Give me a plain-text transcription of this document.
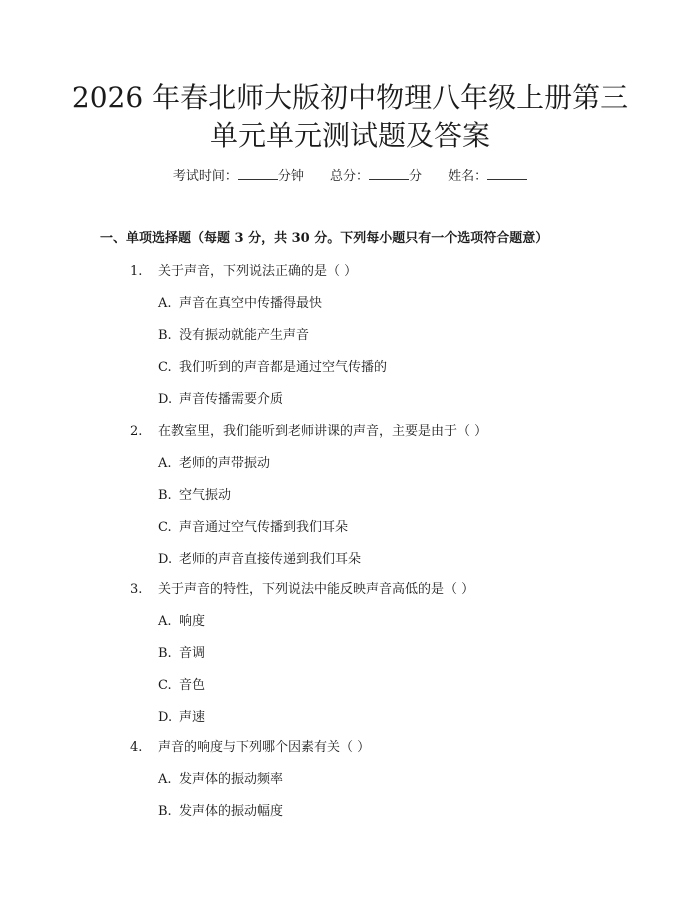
2026 年春北师大版初中物理八年级上册第三
单元单元测试题及答案
考试时间：	分钟 总分：	分 姓名：
一、单项选择题（每题 3 分，共 30 分。下列每小题只有一个选项符合题意）
1.	关于声音，下列说法正确的是（ ）
A. 声音在真空中传播得最快
B. 没有振动就能产生声音
C. 我们听到的声音都是通过空气传播的
D. 声音传播需要介质
2.	在教室里，我们能听到老师讲课的声音，主要是由于（ ）
A. 老师的声带振动
B. 空气振动
C. 声音通过空气传播到我们耳朵
D. 老师的声音直接传递到我们耳朵
3.	关于声音的特性，下列说法中能反映声音高低的是（ ）
A. 响度
B. 音调
C. 音色
D. 声速
4.	声音的响度与下列哪个因素有关（ ）
A. 发声体的振动频率
B. 发声体的振动幅度
